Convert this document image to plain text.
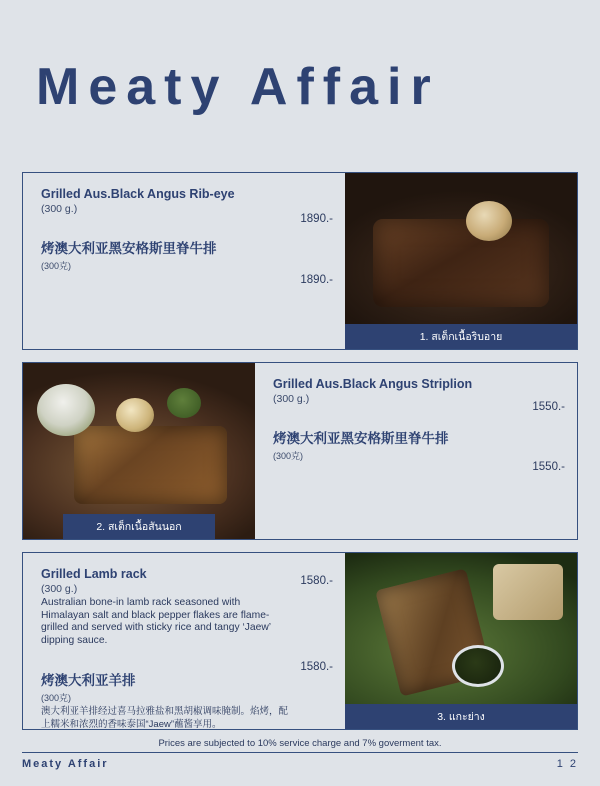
Meaty Affair

Grilled Aus.Black Angus Rib-eye

(300 g.)

烤澳大利亚黑安格斯里脊牛排

(300克)

1890.-
1890.-
1. สเต็กเนื้อริบอาย

Grilled Aus.Black Angus Striplion

(300 g.)

烤澳大利亚黑安格斯里脊牛排

(300克)

1550.-
1550.-
2. สเต็กเนื้อสันนอก

Grilled Lamb rack

(300 g.)

Australian bone-in lamb rack seasoned with Himalayan salt and black pepper flakes are flame-grilled and served with sticky rice and tangy ‘Jaew’ dipping sauce.

烤澳大利亚羊排

(300克)

澳大利亚羊排经过喜马拉雅盐和黑胡椒调味腌制。焰烤，配上糯米和浓烈的香味泰国“Jaew”蘸酱享用。

1580.-
1580.-
3. แกะย่าง
Prices are subjected to 10% service charge and 7% goverment tax.
Meaty Affair	1 2
